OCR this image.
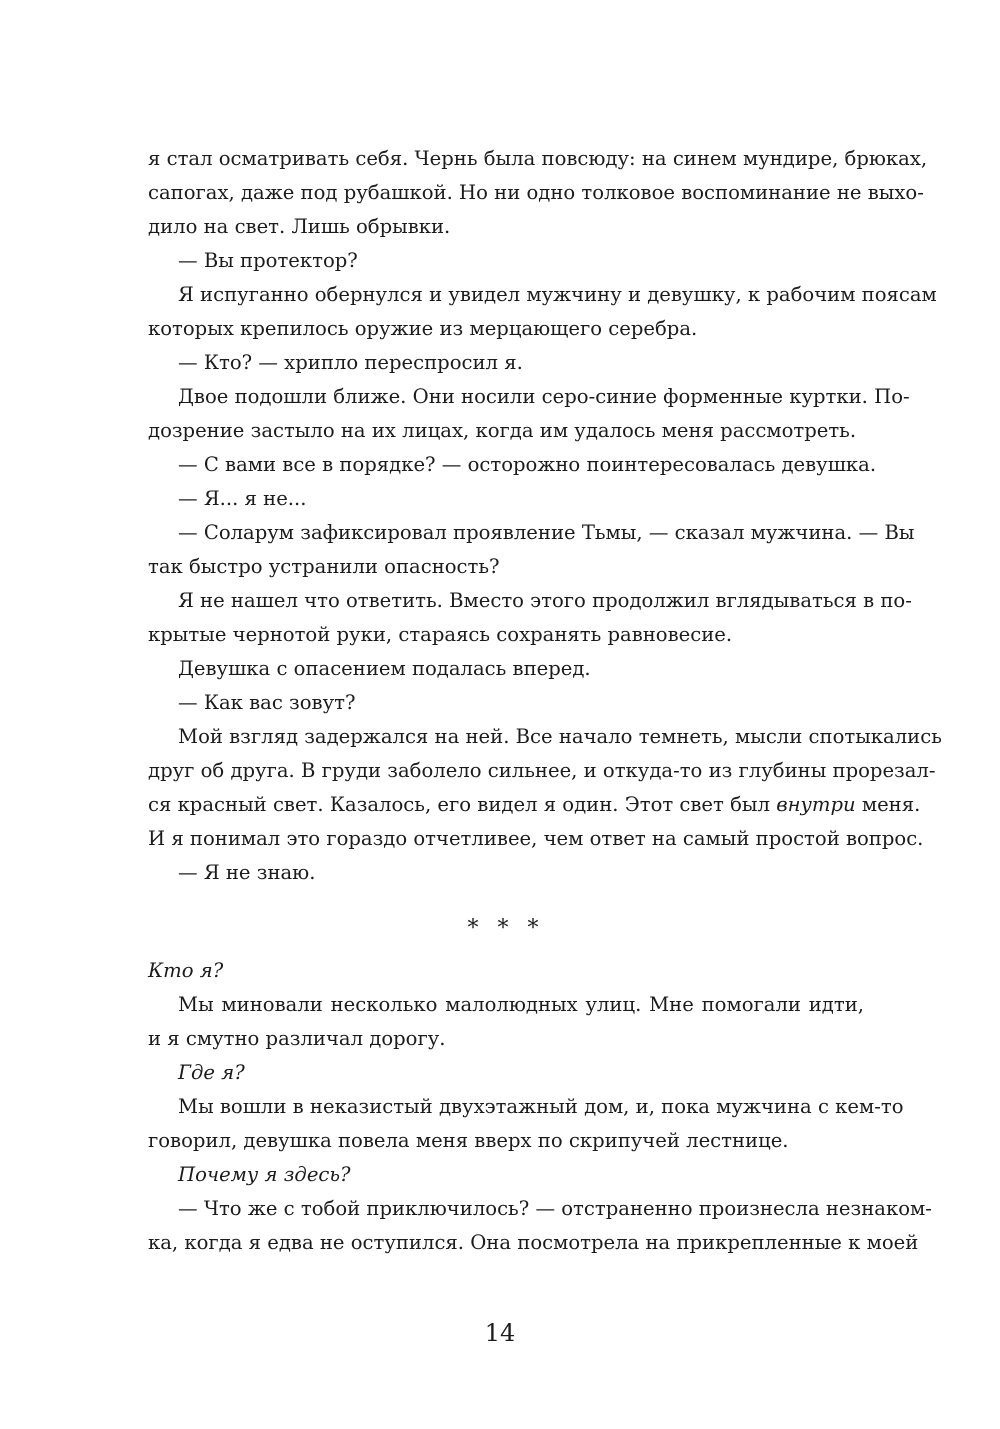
я стал осматривать себя. Чернь была повсюду: на синем мундире, брюках,
сапогах, даже под рубашкой. Но ни одно толковое воспоминание не выхо-
дило на свет. Лишь обрывки.
— Вы протектор?
Я испуганно обернулся и увидел мужчину и девушку, к рабочим поясам
которых крепилось оружие из мерцающего серебра.
— Кто? — хрипло переспросил я.
Двое подошли ближе. Они носили серо-синие форменные куртки. По-
дозрение застыло на их лицах, когда им удалось меня рассмотреть.
— С вами все в порядке? — осторожно поинтересовалась девушка.
— Я... я не...
— Соларум зафиксировал проявление Тьмы, — сказал мужчина. — Вы
так быстро устранили опасность?
Я не нашел что ответить. Вместо этого продолжил вглядываться в по-
крытые чернотой руки, стараясь сохранять равновесие.
Девушка с опасением подалась вперед.
— Как вас зовут?
Мой взгляд задержался на ней. Все начало темнеть, мысли спотыкались
друг об друга. В груди заболело сильнее, и откуда-то из глубины прорезал-
ся красный свет. Казалось, его видел я один. Этот свет был внутри меня.
И я понимал это гораздо отчетливее, чем ответ на самый простой вопрос.
— Я не знаю.
* * *
Кто я?
Мы миновали несколько малолюдных улиц. Мне помогали идти,
и я смутно различал дорогу.
Где я?
Мы вошли в неказистый двухэтажный дом, и, пока мужчина с кем-то
говорил, девушка повела меня вверх по скрипучей лестнице.
Почему я здесь?
— Что же с тобой приключилось? — отстраненно произнесла незнаком-
ка, когда я едва не оступился. Она посмотрела на прикрепленные к моей
14
